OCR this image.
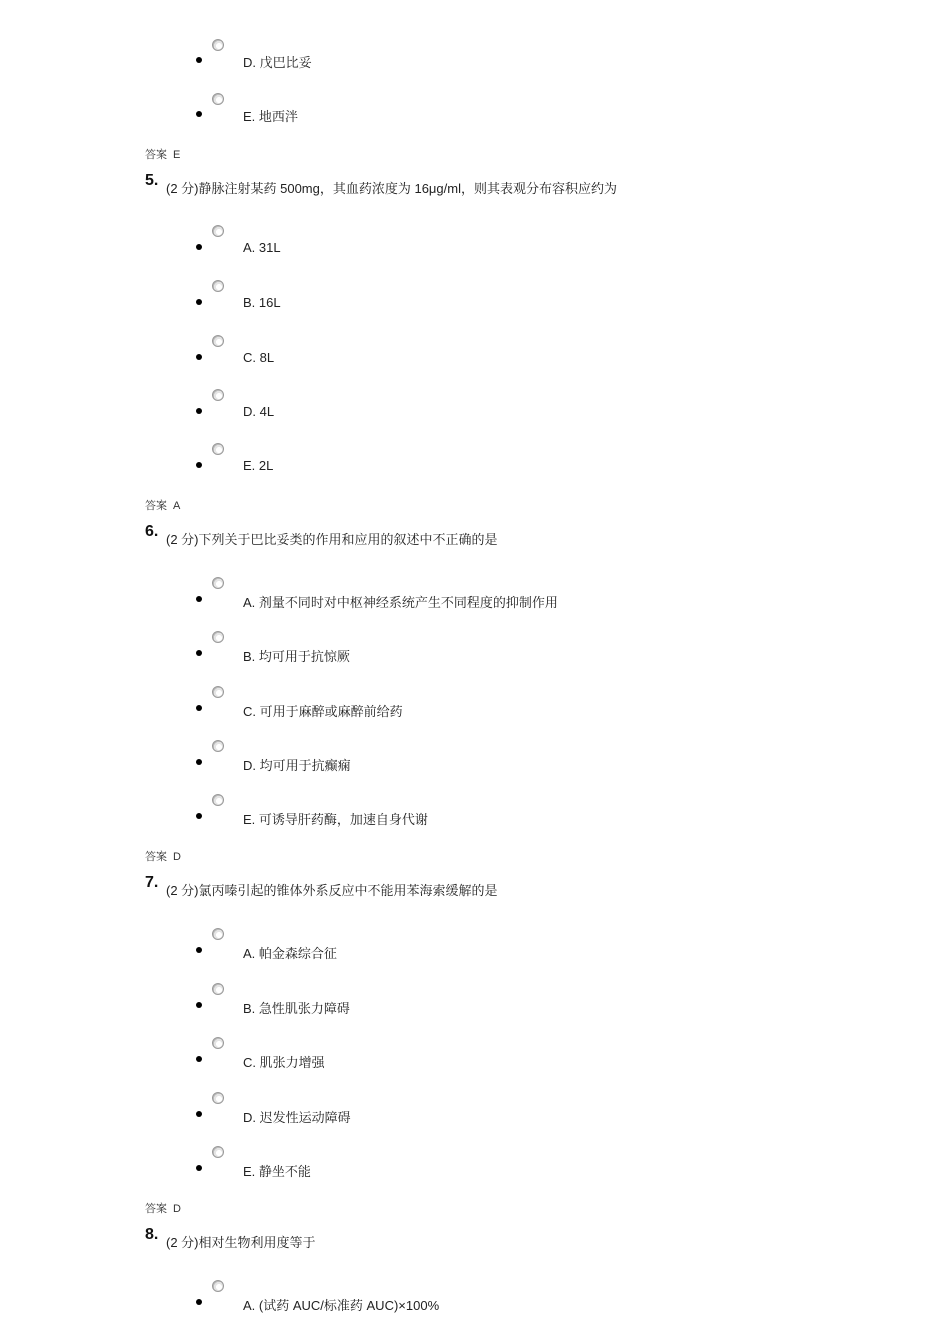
D. 戊巴比妥
E. 地西泮
答案 E
5. (2 分)静脉注射某药 500mg，其血药浓度为 16μg/ml，则其表观分布容积应约为
A. 31L
B. 16L
C. 8L
D. 4L
E. 2L
答案 A
6. (2 分)下列关于巴比妥类的作用和应用的叙述中不正确的是
A. 剂量不同时对中枢神经系统产生不同程度的抑制作用
B. 均可用于抗惊厥
C. 可用于麻醉或麻醉前给药
D. 均可用于抗癫痫
E. 可诱导肝药酶，加速自身代谢
答案 D
7. (2 分)氯丙嗪引起的锥体外系反应中不能用苯海索缓解的是
A. 帕金森综合征
B. 急性肌张力障碍
C. 肌张力增强
D. 迟发性运动障碍
E. 静坐不能
答案 D
8. (2 分)相对生物利用度等于
A. (试药 AUC/标准药 AUC)×100%
